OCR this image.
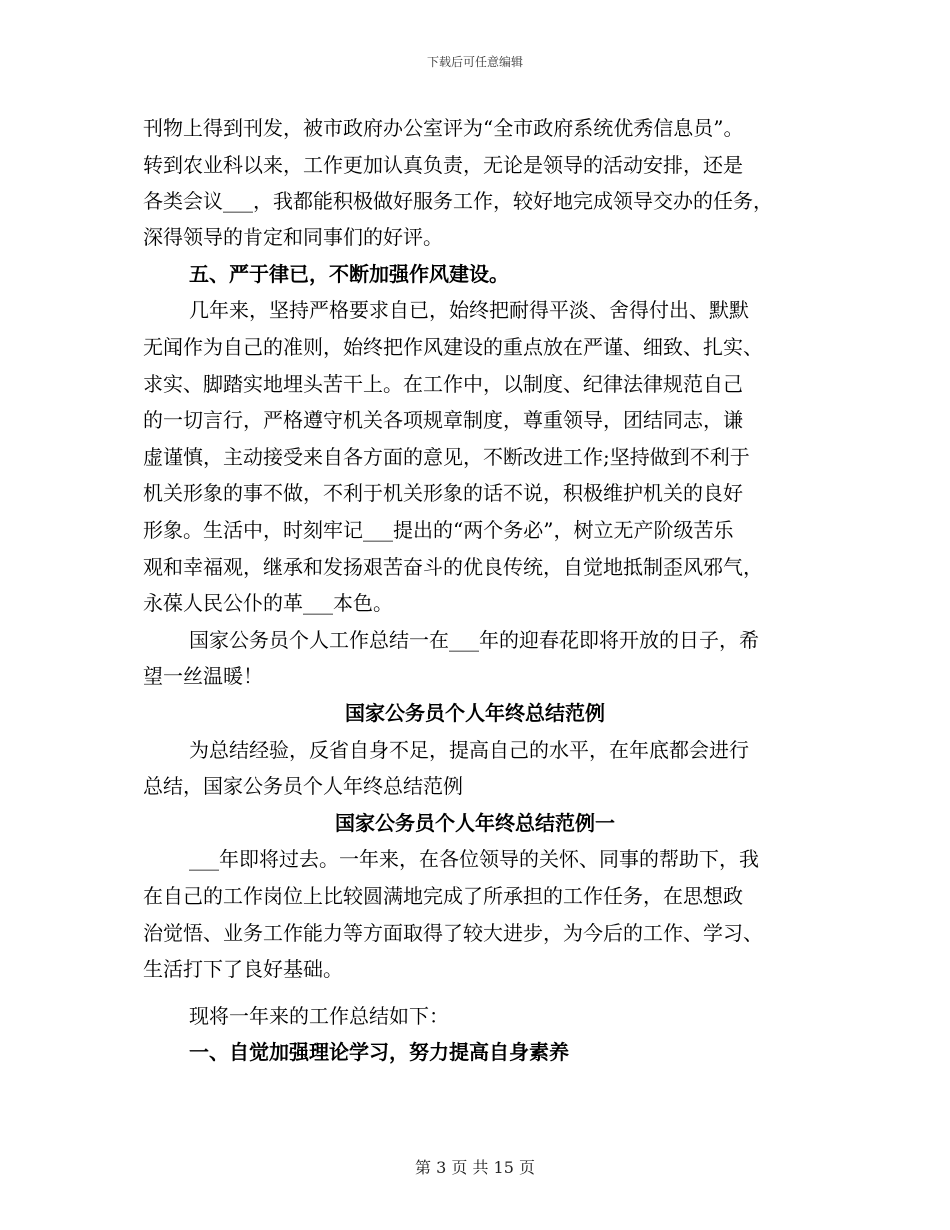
下载后可任意编辑
刊物上得到刊发，被市政府办公室评为“全市政府系统优秀信息员”。
转到农业科以来，工作更加认真负责，无论是领导的活动安排，还是
各类会议___，我都能积极做好服务工作，较好地完成领导交办的任务，
深得领导的肯定和同事们的好评。
五、严于律已，不断加强作风建设。
几年来，坚持严格要求自已，始终把耐得平淡、舍得付出、默默
无闻作为自己的准则，始终把作风建设的重点放在严谨、细致、扎实、
求实、脚踏实地埋头苦干上。在工作中，以制度、纪律法律规范自己
的一切言行，严格遵守机关各项规章制度，尊重领导，团结同志，谦
虚谨慎，主动接受来自各方面的意见，不断改进工作;坚持做到不利于
机关形象的事不做，不利于机关形象的话不说，积极维护机关的良好
形象。生活中，时刻牢记___提出的“两个务必”，树立无产阶级苦乐
观和幸福观，继承和发扬艰苦奋斗的优良传统，自觉地抵制歪风邪气，
永葆人民公仆的革___本色。
国家公务员个人工作总结一在___年的迎春花即将开放的日子，希
望一丝温暖！
国家公务员个人年终总结范例
为总结经验，反省自身不足，提高自己的水平，在年底都会进行
总结，国家公务员个人年终总结范例
国家公务员个人年终总结范例一
___年即将过去。一年来，在各位领导的关怀、同事的帮助下，我
在自己的工作岗位上比较圆满地完成了所承担的工作任务，在思想政
治觉悟、业务工作能力等方面取得了较大进步，为今后的工作、学习、
生活打下了良好基础。
现将一年来的工作总结如下：
一、自觉加强理论学习，努力提高自身素养
第 3 页 共 15 页
